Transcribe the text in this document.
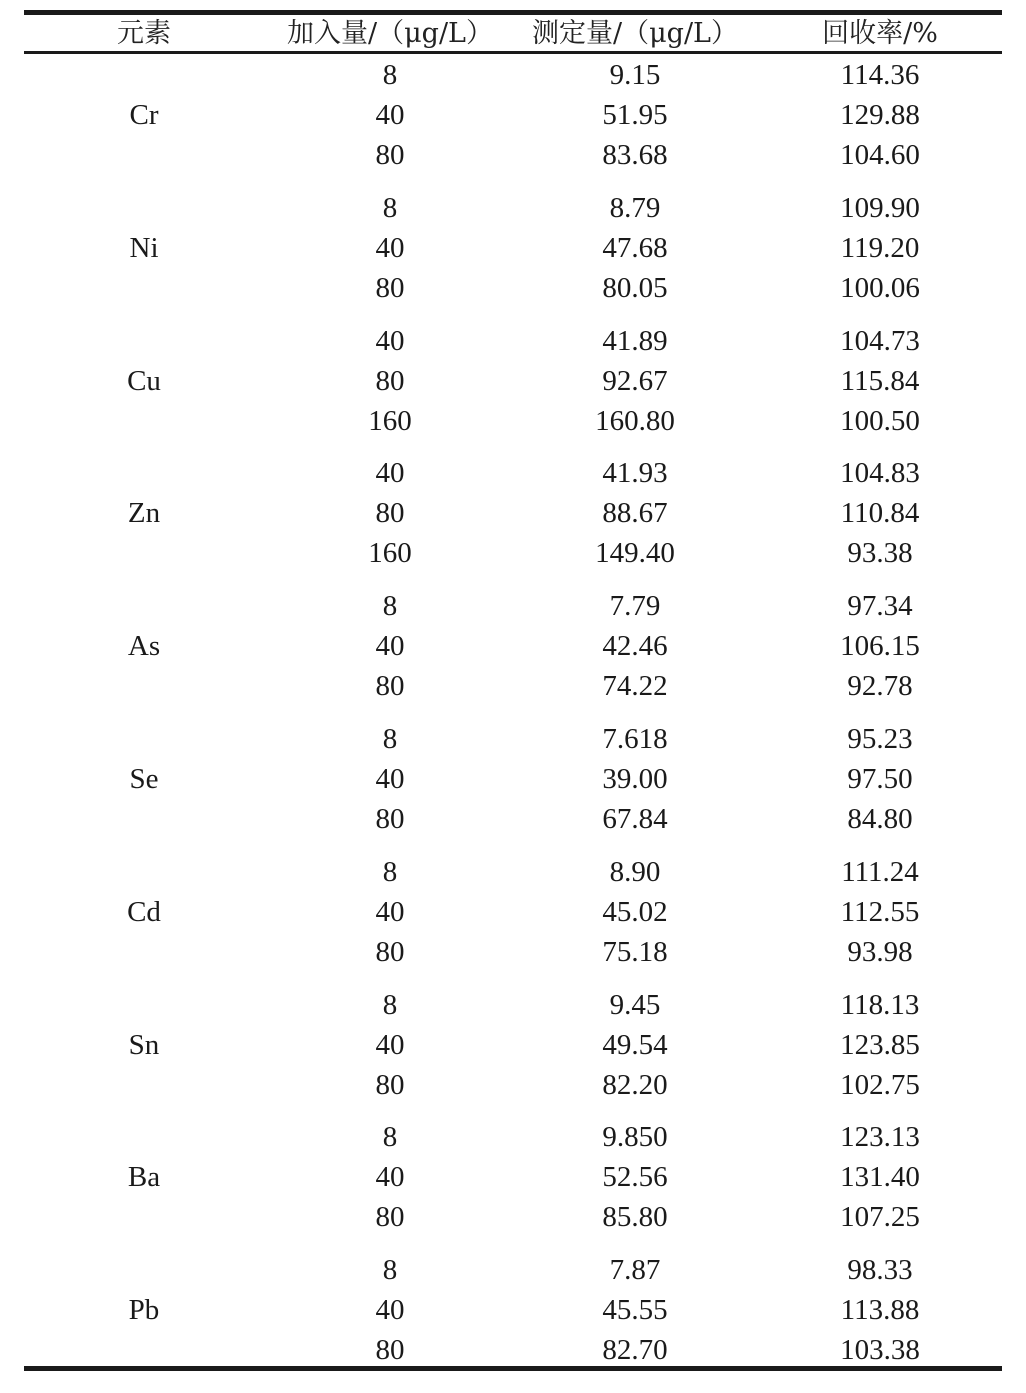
元素	加入量/（μg/L）	测定量/（μg/L）	回收率/%
Cr
8	9.15	114.36
40	51.95	129.88
80	83.68	104.60
Ni
8	8.79	109.90
40	47.68	119.20
80	80.05	100.06
Cu
40	41.89	104.73
80	92.67	115.84
160	160.80	100.50
Zn
40	41.93	104.83
80	88.67	110.84
160	149.40	93.38
As
8	7.79	97.34
40	42.46	106.15
80	74.22	92.78
Se
8	7.618	95.23
40	39.00	97.50
80	67.84	84.80
Cd
8	8.90	111.24
40	45.02	112.55
80	75.18	93.98
Sn
8	9.45	118.13
40	49.54	123.85
80	82.20	102.75
Ba
8	9.850	123.13
40	52.56	131.40
80	85.80	107.25
Pb
8	7.87	98.33
40	45.55	113.88
80	82.70	103.38
